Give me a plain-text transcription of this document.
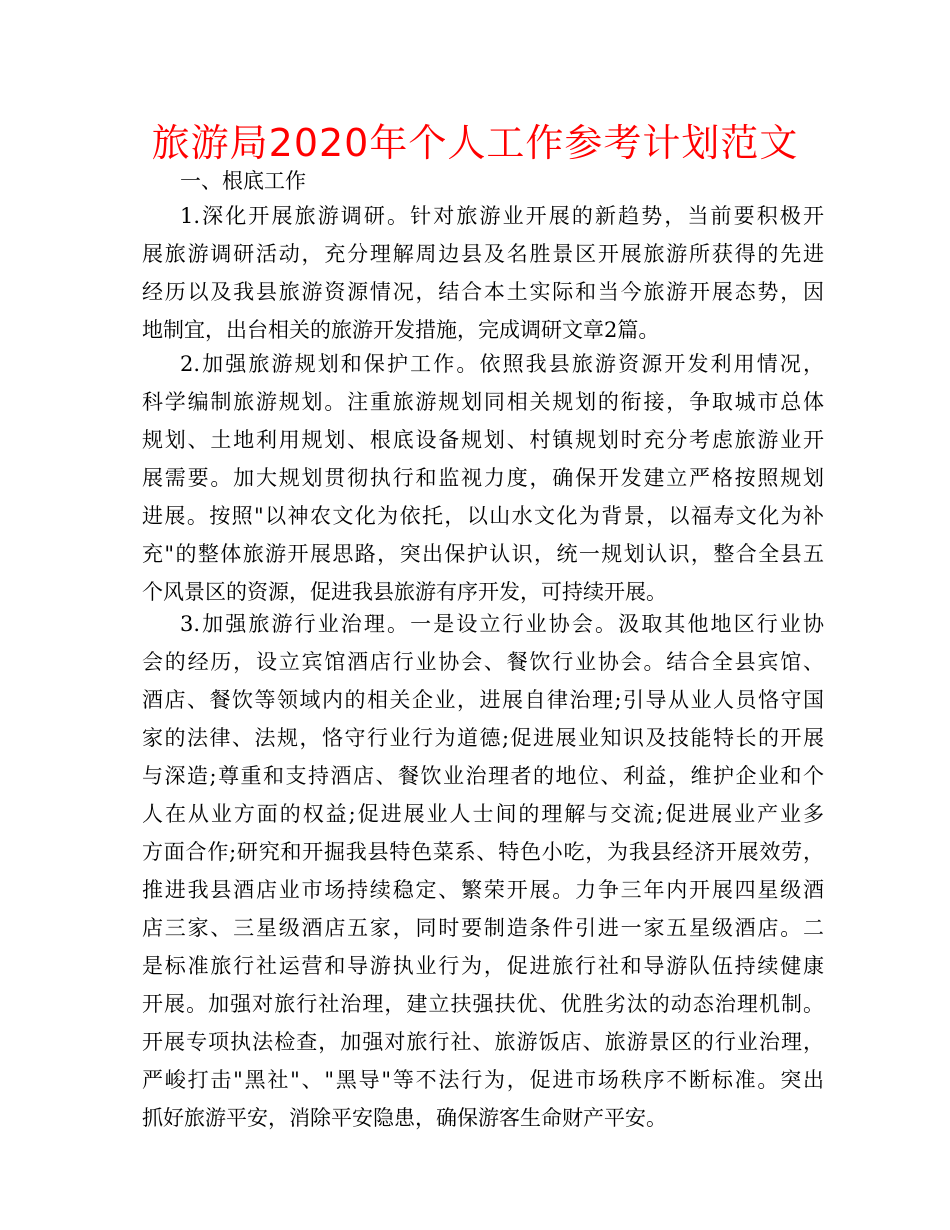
旅游局2020年个人工作参考计划范文
一、根底工作
1.深化开展旅游调研。针对旅游业开展的新趋势，当前要积极开
展旅游调研活动，充分理解周边县及名胜景区开展旅游所获得的先进
经历以及我县旅游资源情况，结合本土实际和当今旅游开展态势，因
地制宜，出台相关的旅游开发措施，完成调研文章2篇。
2.加强旅游规划和保护工作。依照我县旅游资源开发利用情况，
科学编制旅游规划。注重旅游规划同相关规划的衔接，争取城市总体
规划、土地利用规划、根底设备规划、村镇规划时充分考虑旅游业开
展需要。加大规划贯彻执行和监视力度，确保开发建立严格按照规划
进展。按照"以神农文化为依托，以山水文化为背景，以福寿文化为补
充"的整体旅游开展思路，突出保护认识，统一规划认识，整合全县五
个风景区的资源，促进我县旅游有序开发，可持续开展。
3.加强旅游行业治理。一是设立行业协会。汲取其他地区行业协
会的经历，设立宾馆酒店行业协会、餐饮行业协会。结合全县宾馆、
酒店、餐饮等领域内的相关企业，进展自律治理;引导从业人员恪守国
家的法律、法规，恪守行业行为道德;促进展业知识及技能特长的开展
与深造;尊重和支持酒店、餐饮业治理者的地位、利益，维护企业和个
人在从业方面的权益;促进展业人士间的理解与交流;促进展业产业多
方面合作;研究和开掘我县特色菜系、特色小吃，为我县经济开展效劳，
推进我县酒店业市场持续稳定、繁荣开展。力争三年内开展四星级酒
店三家、三星级酒店五家，同时要制造条件引进一家五星级酒店。二
是标准旅行社运营和导游执业行为，促进旅行社和导游队伍持续健康
开展。加强对旅行社治理，建立扶强扶优、优胜劣汰的动态治理机制。
开展专项执法检查，加强对旅行社、旅游饭店、旅游景区的行业治理，
严峻打击"黑社"、"黑导"等不法行为，促进市场秩序不断标准。突出
抓好旅游平安，消除平安隐患，确保游客生命财产平安。
